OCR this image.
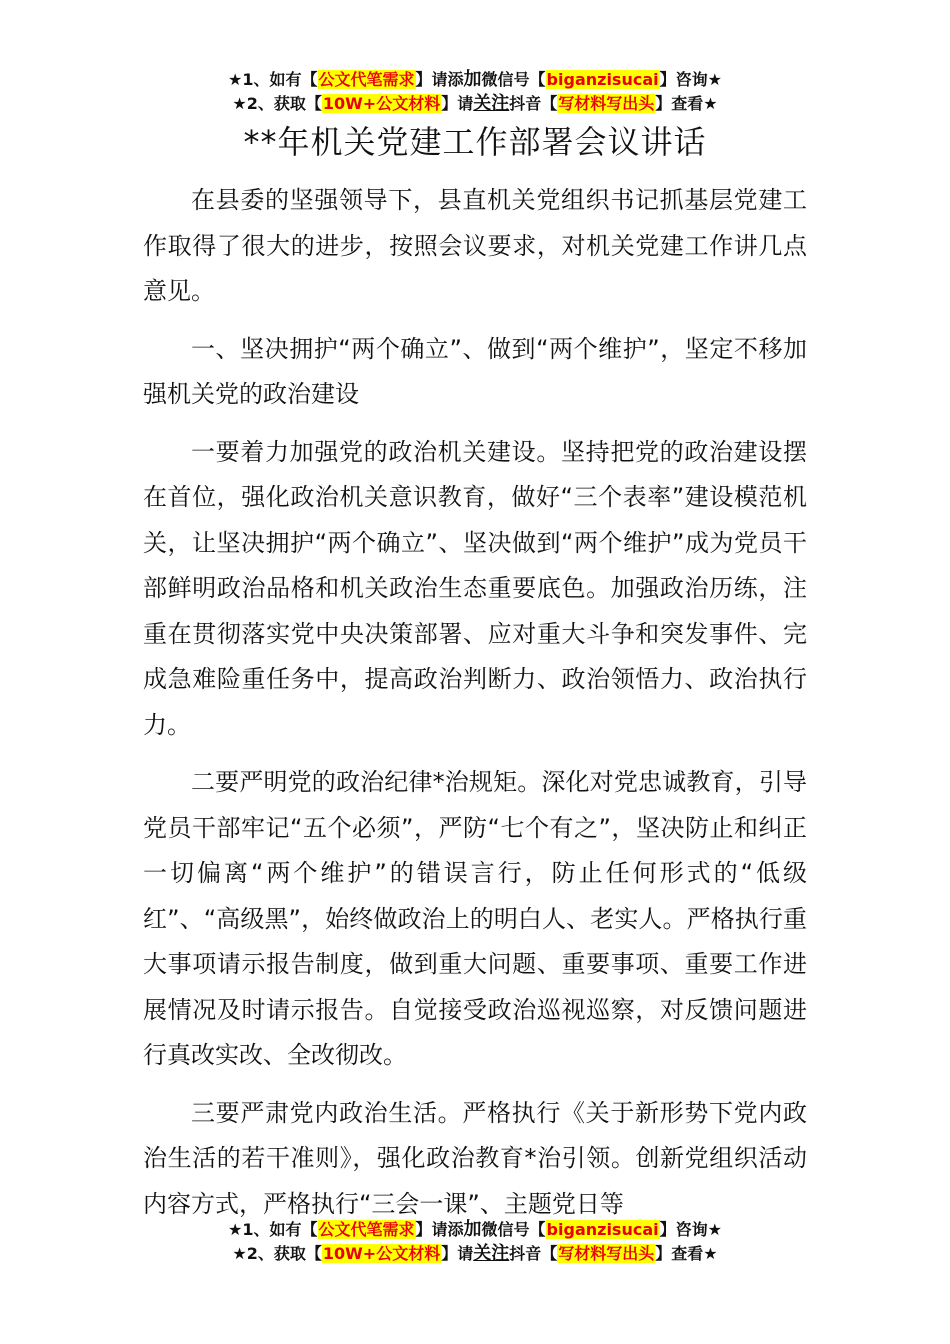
★1、如有【公文代笔需求】请添加微信号【biganzisucai】咨询★
★2、获取【10W+公文材料】请关注抖音【写材料写出头】查看★
**年机关党建工作部署会议讲话

在县委的坚强领导下，县直机关党组织书记抓基层党建工作取得了很大的进步，按照会议要求，对机关党建工作讲几点意见。

一、坚决拥护“两个确立”、做到“两个维护”，坚定不移加强机关党的政治建设

一要着力加强党的政治机关建设。坚持把党的政治建设摆在首位，强化政治机关意识教育，做好“三个表率”建设模范机关，让坚决拥护“两个确立”、坚决做到“两个维护”成为党员干部鲜明政治品格和机关政治生态重要底色。加强政治历练，注重在贯彻落实党中央决策部署、应对重大斗争和突发事件、完成急难险重任务中，提高政治判断力、政治领悟力、政治执行力。

二要严明党的政治纪律*治规矩。深化对党忠诚教育，引导党员干部牢记“五个必须”，严防“七个有之”，坚决防止和纠正一切偏离“两个维护”的错误言行，防止任何形式的“低级红”、“高级黑”，始终做政治上的明白人、老实人。严格执行重大事项请示报告制度，做到重大问题、重要事项、重要工作进展情况及时请示报告。自觉接受政治巡视巡察，对反馈问题进行真改实改、全改彻改。

三要严肃党内政治生活。严格执行《关于新形势下党内政治生活的若干准则》，强化政治教育*治引领。创新党组织活动内容方式，严格执行“三会一课”、主题党日等

★1、如有【公文代笔需求】请添加微信号【biganzisucai】咨询★
★2、获取【10W+公文材料】请关注抖音【写材料写出头】查看★
